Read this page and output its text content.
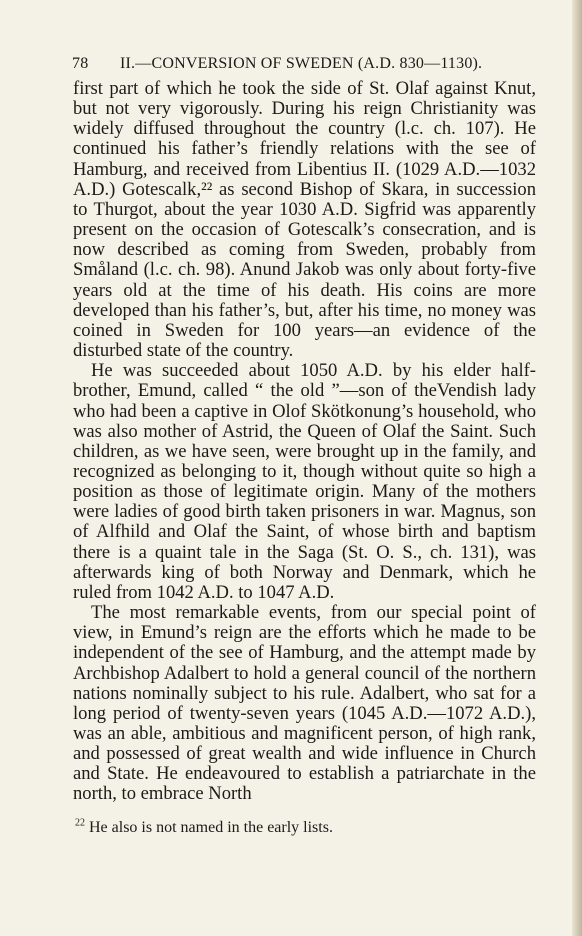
78 II.—CONVERSION OF SWEDEN (A.D. 830—1130).

first part of which he took the side of St. Olaf against Knut, but not very vigorously. During his reign Christianity was widely diffused throughout the country (l.c. ch. 107). He continued his father’s friendly relations with the see of Hamburg, and received from Libentius II. (1029 A.D.—1032 A.D.) Gotescalk,²² as second Bishop of Skara, in succession to Thurgot, about the year 1030 A.D. Sigfrid was apparently present on the occasion of Gotescalk’s consecration, and is now described as coming from Sweden, probably from Småland (l.c. ch. 98). Anund Jakob was only about forty-five years old at the time of his death. His coins are more developed than his father’s, but, after his time, no money was coined in Sweden for 100 years—an evidence of the disturbed state of the country.

He was succeeded about 1050 A.D. by his elder half-brother, Emund, called “ the old ”—son of theVendish lady who had been a captive in Olof Skötkonung’s household, who was also mother of Astrid, the Queen of Olaf the Saint. Such children, as we have seen, were brought up in the family, and recognized as belonging to it, though without quite so high a position as those of legitimate origin. Many of the mothers were ladies of good birth taken prisoners in war. Magnus, son of Alfhild and Olaf the Saint, of whose birth and baptism there is a quaint tale in the Saga (St. O. S., ch. 131), was afterwards king of both Norway and Denmark, which he ruled from 1042 A.D. to 1047 A.D.

The most remarkable events, from our special point of view, in Emund’s reign are the efforts which he made to be independent of the see of Hamburg, and the attempt made by Archbishop Adalbert to hold a general council of the northern nations nominally subject to his rule. Adalbert, who sat for a long period of twenty-seven years (1045 A.D.—1072 A.D.), was an able, ambitious and magnificent person, of high rank, and possessed of great wealth and wide influence in Church and State. He endeavoured to establish a patriarchate in the north, to embrace North

$^{22}$ He also is not named in the early lists.
